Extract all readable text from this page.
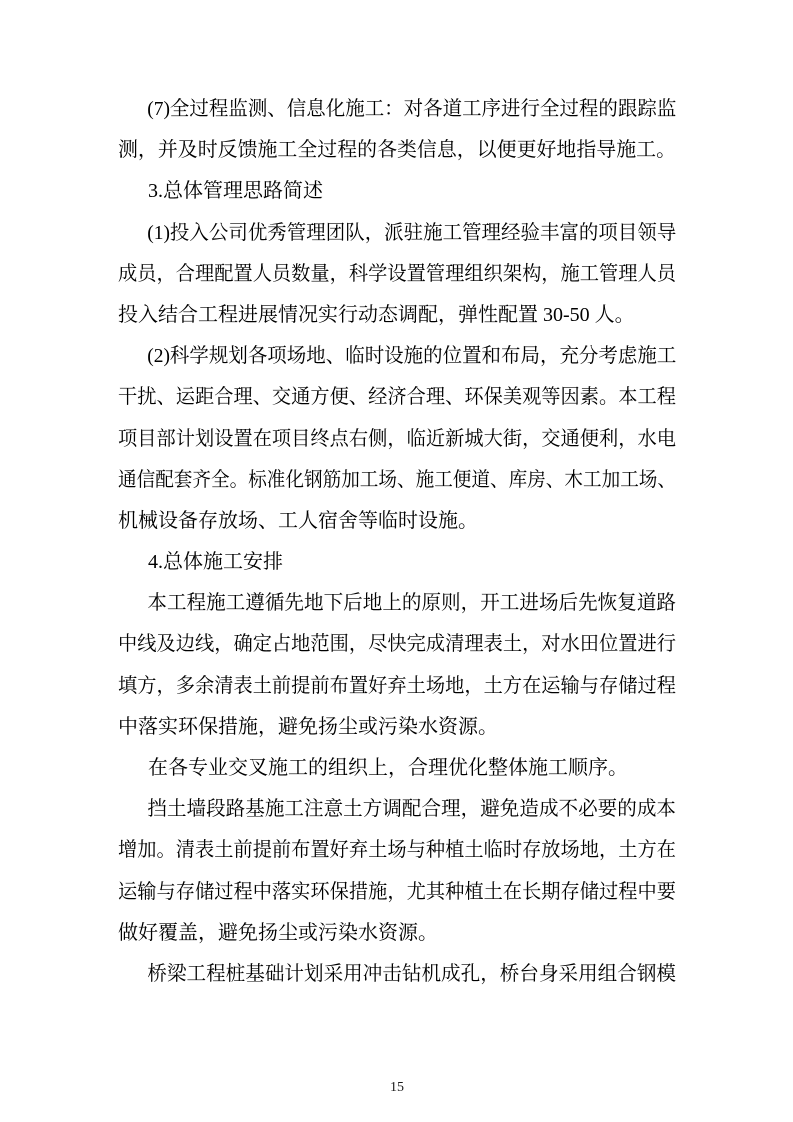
(7)全过程监测、信息化施工：对各道工序进行全过程的跟踪监
测，并及时反馈施工全过程的各类信息，以便更好地指导施工。
3.总体管理思路简述
(1)投入公司优秀管理团队，派驻施工管理经验丰富的项目领导
成员，合理配置人员数量，科学设置管理组织架构，施工管理人员
投入结合工程进展情况实行动态调配，弹性配置 30-50 人。
(2)科学规划各项场地、临时设施的位置和布局，充分考虑施工
干扰、运距合理、交通方便、经济合理、环保美观等因素。本工程
项目部计划设置在项目终点右侧，临近新城大街，交通便利，水电
通信配套齐全。标准化钢筋加工场、施工便道、库房、木工加工场、
机械设备存放场、工人宿舍等临时设施。
4.总体施工安排
本工程施工遵循先地下后地上的原则，开工进场后先恢复道路
中线及边线，确定占地范围，尽快完成清理表土，对水田位置进行
填方，多余清表土前提前布置好弃土场地，土方在运输与存储过程
中落实环保措施，避免扬尘或污染水资源。
在各专业交叉施工的组织上，合理优化整体施工顺序。
挡土墙段路基施工注意土方调配合理，避免造成不必要的成本
增加。清表土前提前布置好弃土场与种植土临时存放场地，土方在
运输与存储过程中落实环保措施，尤其种植土在长期存储过程中要
做好覆盖，避免扬尘或污染水资源。
桥梁工程桩基础计划采用冲击钻机成孔，桥台身采用组合钢模
15
